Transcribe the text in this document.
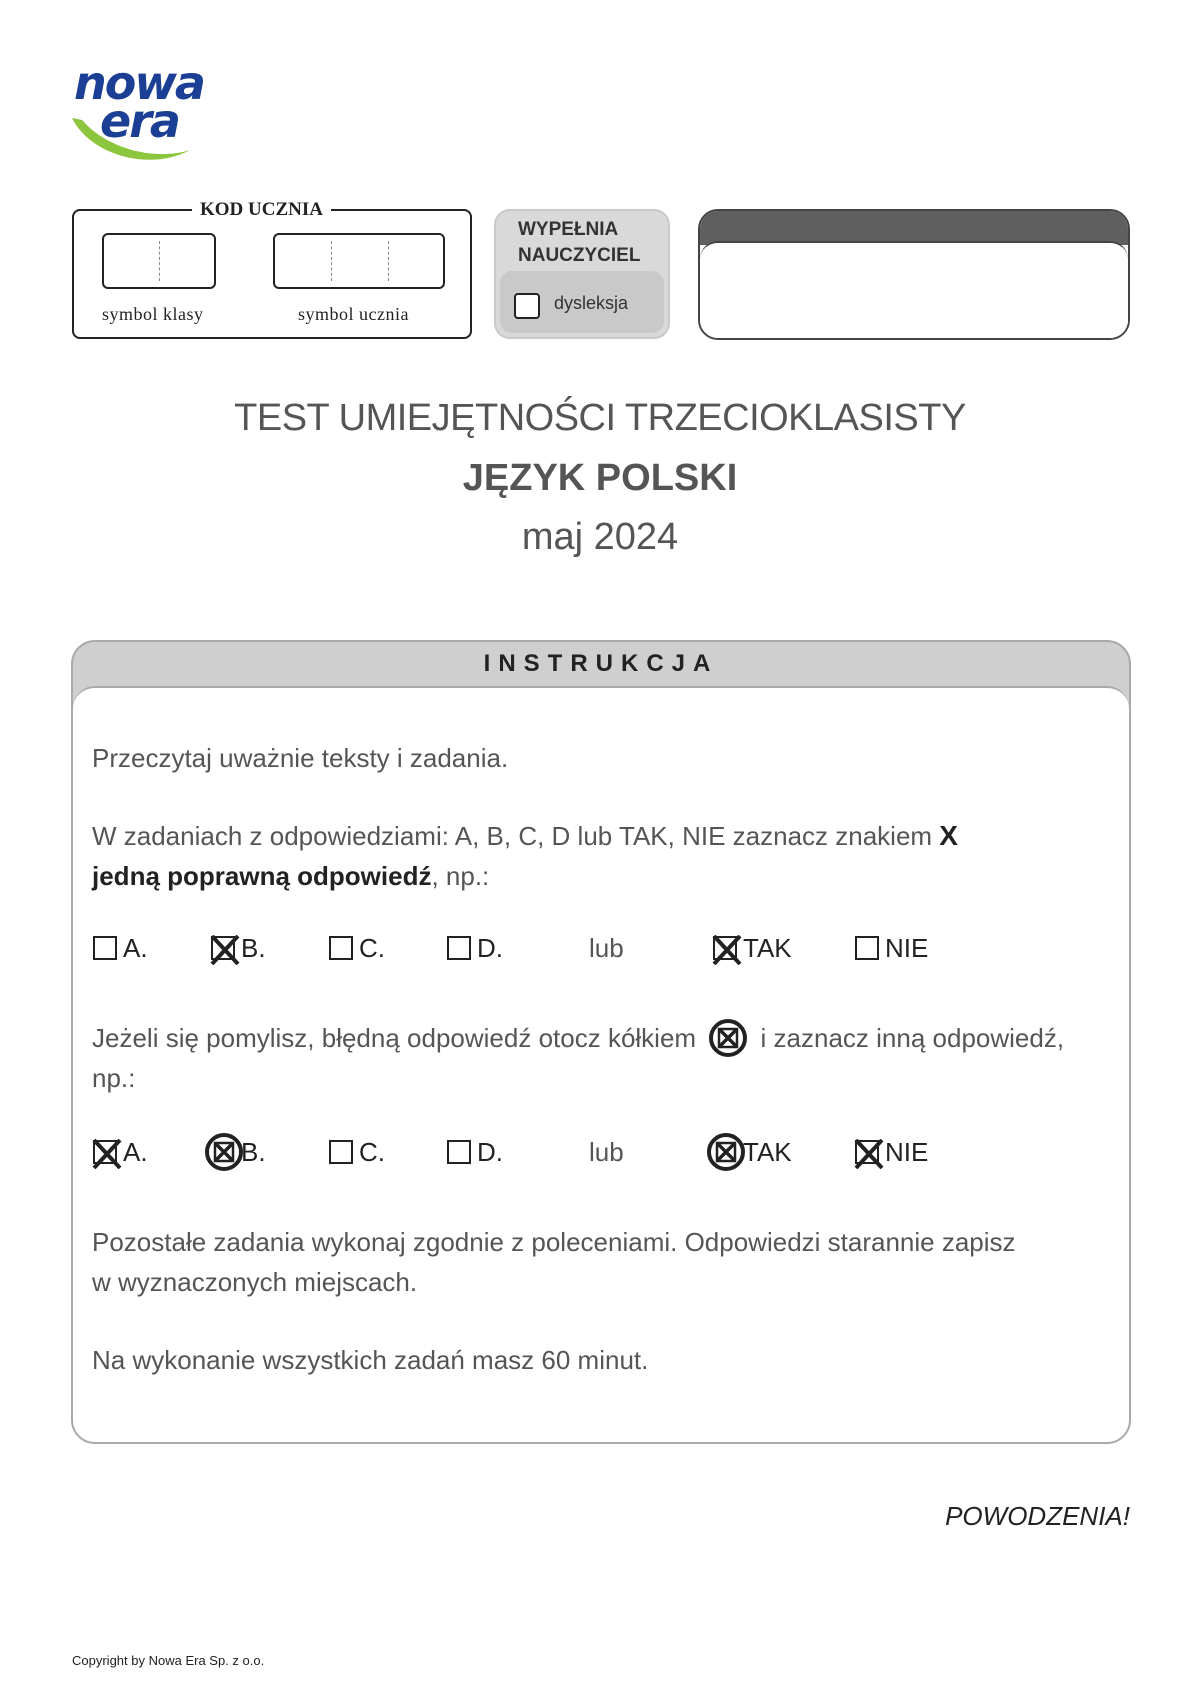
nowa
era
KOD UCZNIA
symbol klasy	symbol ucznia
WYPEŁNIA NAUCZYCIEL
dysleksja
TEST UMIEJĘTNOŚCI TRZECIOKLASISTY
JĘZYK POLSKI
maj 2024
INSTRUKCJA
Przeczytaj uważnie teksty i zadania.
W zadaniach z odpowiedziami: A, B, C, D lub TAK, NIE zaznacz znakiem X
jedną poprawną odpowiedź, np.:
A.	B.	C.	D.	lub	TAK	NIE
Jeżeli się pomylisz, błędną odpowiedź otocz kółkiem i zaznacz inną odpowiedź,
np.:
A.	B.	C.	D.	lub	TAK	NIE
Pozostałe zadania wykonaj zgodnie z poleceniami. Odpowiedzi starannie zapisz
w wyznaczonych miejscach.
Na wykonanie wszystkich zadań masz 60 minut.
POWODZENIA!
Copyright by Nowa Era Sp. z o.o.
